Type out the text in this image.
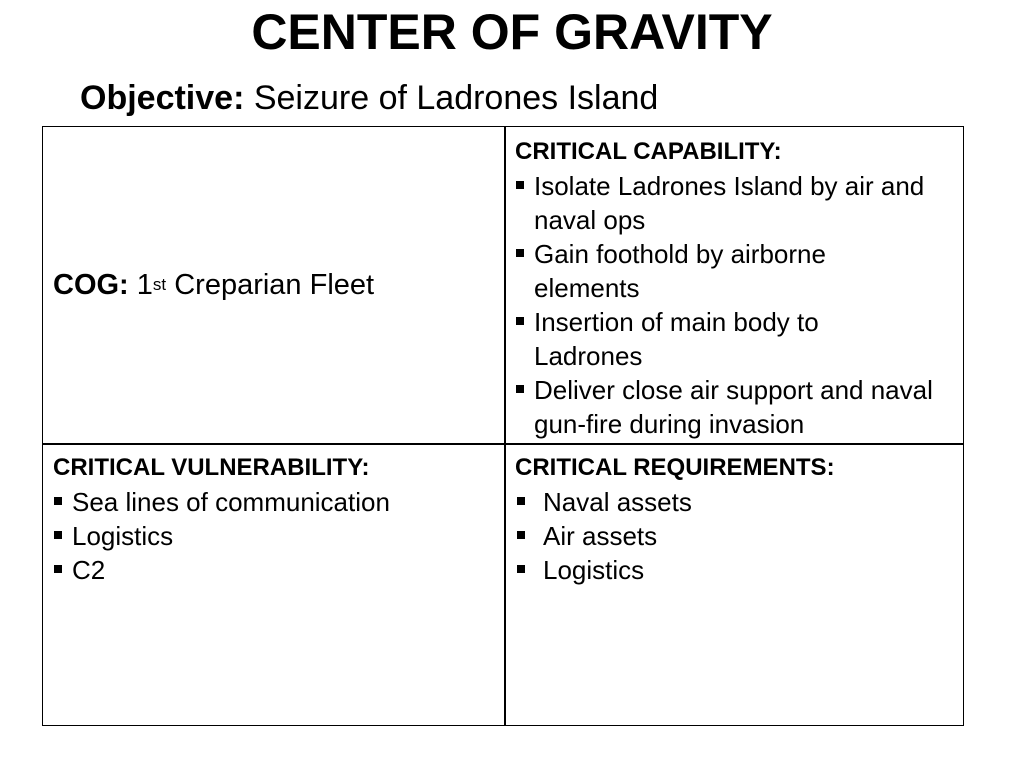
CENTER OF GRAVITY
Objective: Seizure of Ladrones Island
COG:
1 st
Creparian Fleet
CRITICAL CAPABILITY:
Isolate Ladrones Island by air and naval ops
Gain foothold by airborne elements
Insertion of main body to Ladrones
Deliver close air support and naval gun-fire during invasion
CRITICAL VULNERABILITY:
Sea lines of communication
Logistics
C2
CRITICAL REQUIREMENTS:
Naval assets
Air assets
Logistics
